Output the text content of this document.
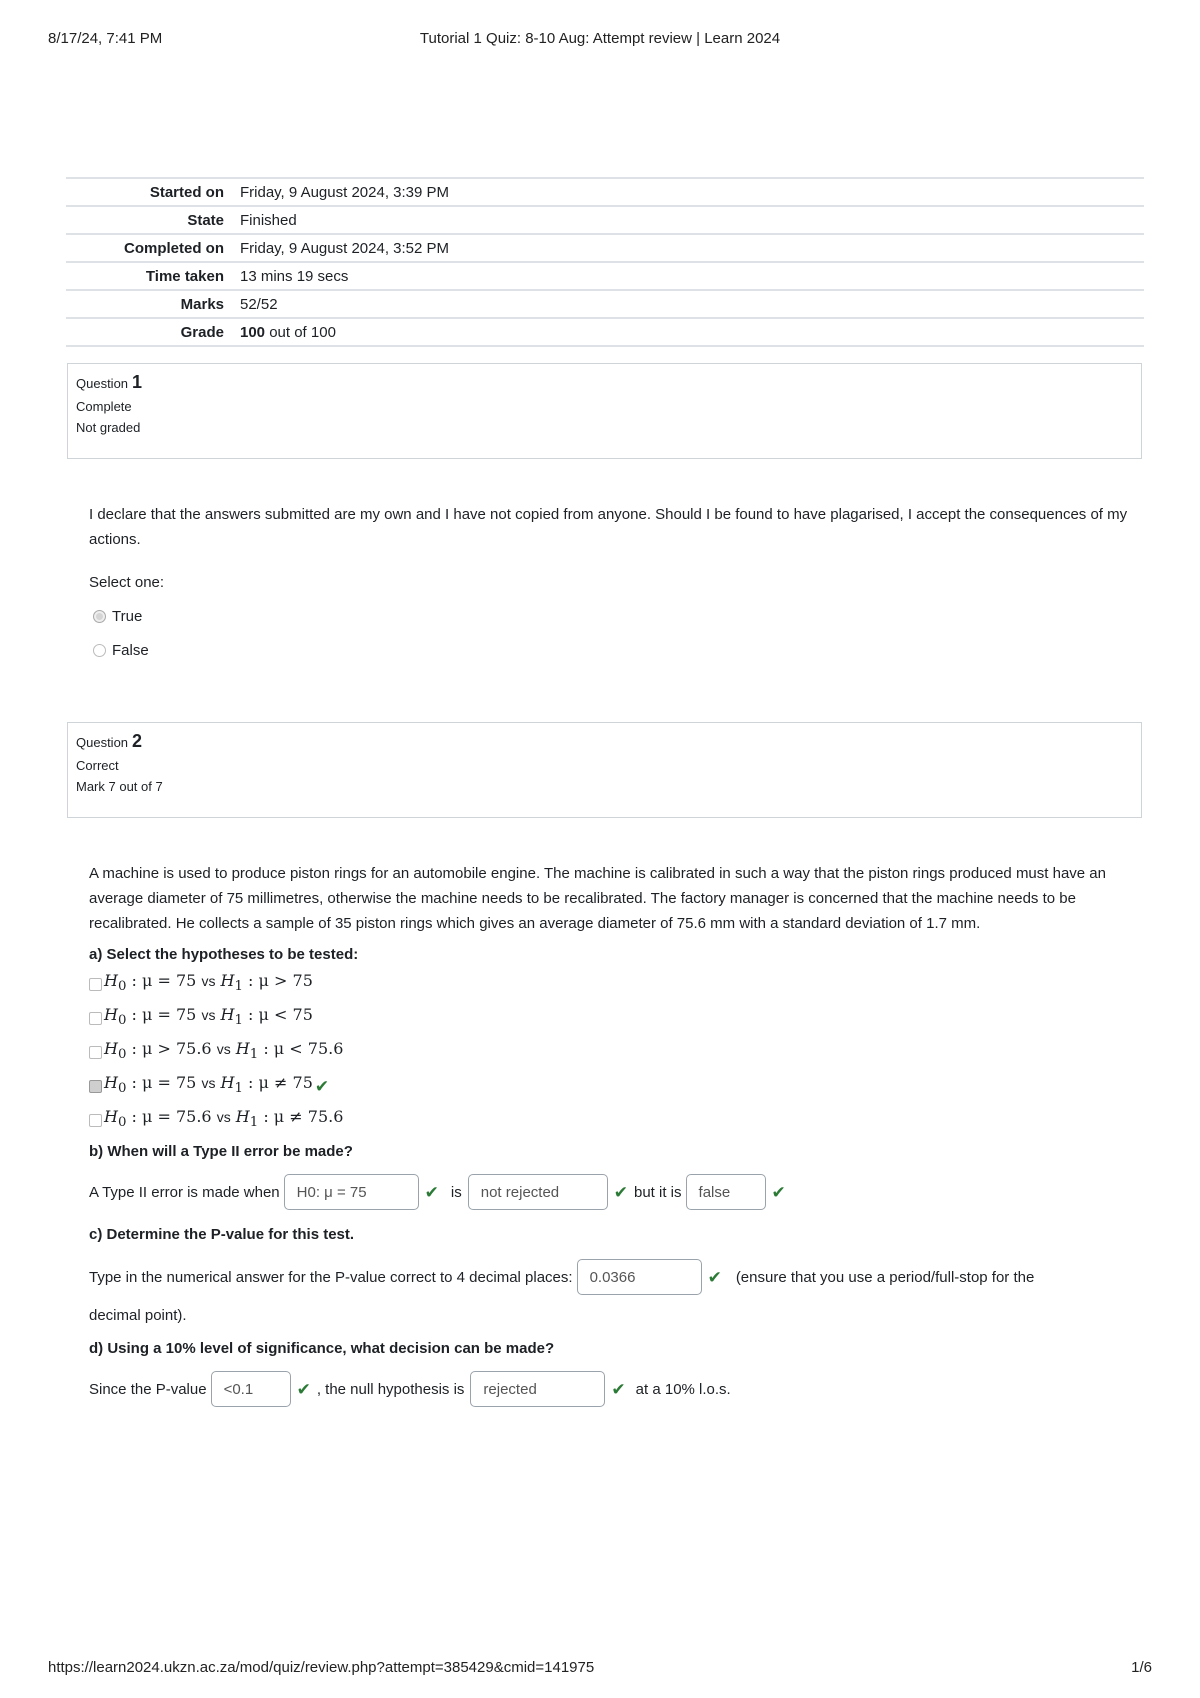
8/17/24, 7:41 PM	Tutorial 1 Quiz: 8-10 Aug: Attempt review | Learn 2024
Started on	Friday, 9 August 2024, 3:39 PM
State	Finished
Completed on	Friday, 9 August 2024, 3:52 PM
Time taken	13 mins 19 secs
Marks	52/52
Grade	100 out of 100
Question 1
Complete
Not graded
I declare that the answers submitted are my own and I have not copied from anyone. Should I be found to have plagarised, I accept the consequences of my actions.
Select one:
True
False
Question 2
Correct
Mark 7 out of 7
A machine is used to produce piston rings for an automobile engine. The machine is calibrated in such a way that the piston rings produced must have an average diameter of 75 millimetres, otherwise the machine needs to be recalibrated. The factory manager is concerned that the machine needs to be recalibrated. He collects a sample of 35 piston rings which gives an average diameter of 75.6 mm with a standard deviation of 1.7 mm.
a) Select the hypotheses to be tested:
$H_0$ : μ = 75 vs $H_1$ : μ > 75
$H_0$ : μ = 75 vs $H_1$ : μ < 75
$H_0$ : μ > 75.6 vs $H_1$ : μ < 75.6
$H_0$ : μ = 75 vs $H_1$ : μ ≠ 75 ✔
$H_0$ : μ = 75.6 vs $H_1$ : μ ≠ 75.6
b) When will a Type II error be made?
A Type II error is made when	H0: μ = 75	✔ is	not rejected	✔ but it is	false	✔
c) Determine the P-value for this test.
Type in the numerical answer for the P-value correct to 4 decimal places:	0.0366	✔ (ensure that you use a period/full-stop for the
decimal point).
d) Using a 10% level of significance, what decision can be made?
Since the P-value	<0.1	✔ , the null hypothesis is	rejected	✔ at a 10% l.o.s.
https://learn2024.ukzn.ac.za/mod/quiz/review.php?attempt=385429&cmid=141975	1/6
